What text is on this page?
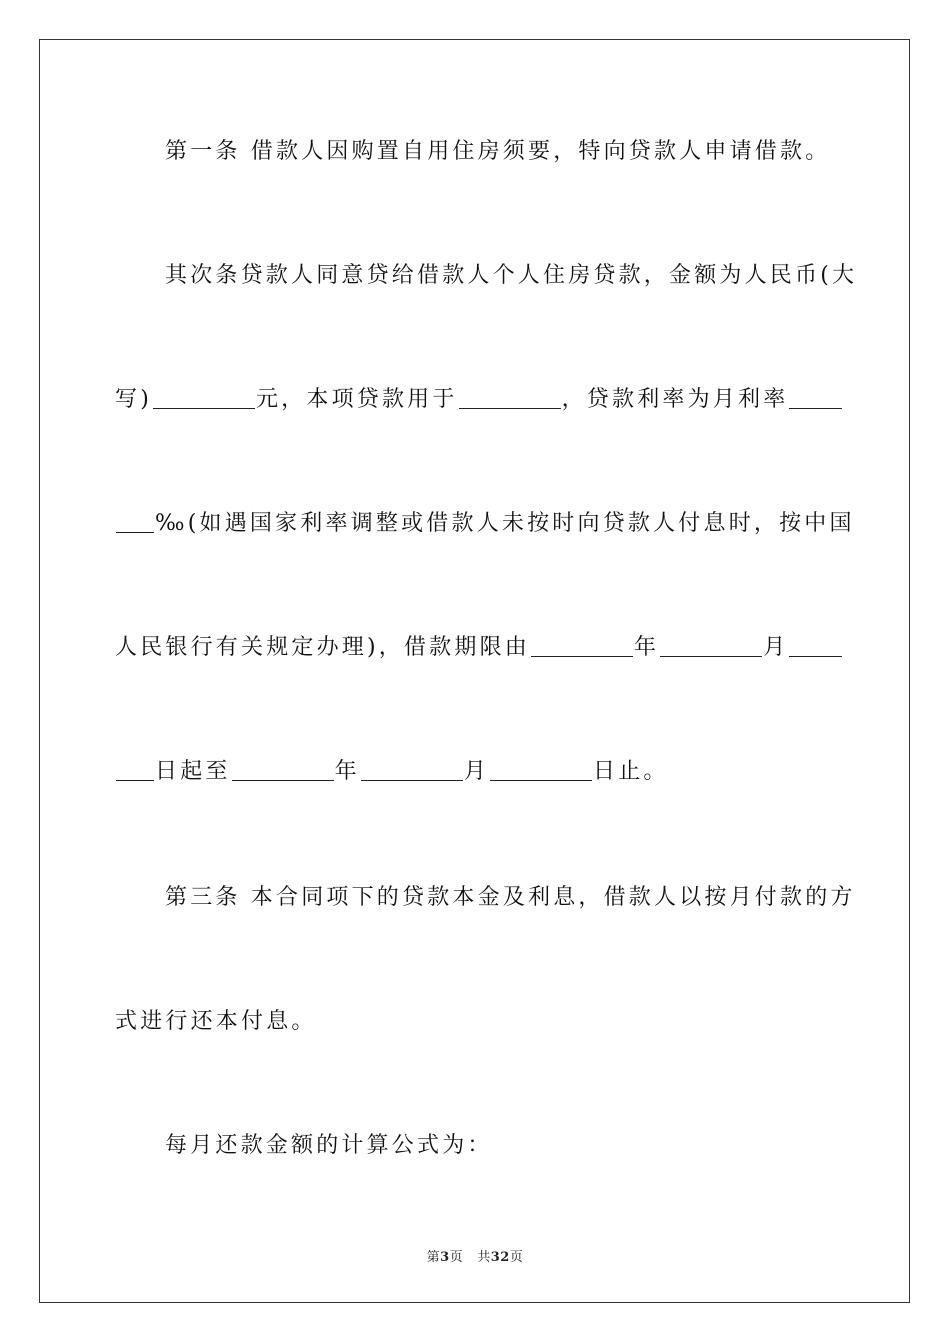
第一条 借款人因购置自用住房须要，特向贷款人申请借款。
其次条贷款人同意贷给借款人个人住房贷款，金额为人民币(大
写)	元，本项贷款用于	，贷款利率为月利率
‰(如遇国家利率调整或借款人未按时向贷款人付息时，按中国
人民银行有关规定办理)，借款期限由	年	月
日起至	年	月	日止。
第三条 本合同项下的贷款本金及利息，借款人以按月付款的方
式进行还本付息。
每月还款金额的计算公式为：
第3页 共32页
